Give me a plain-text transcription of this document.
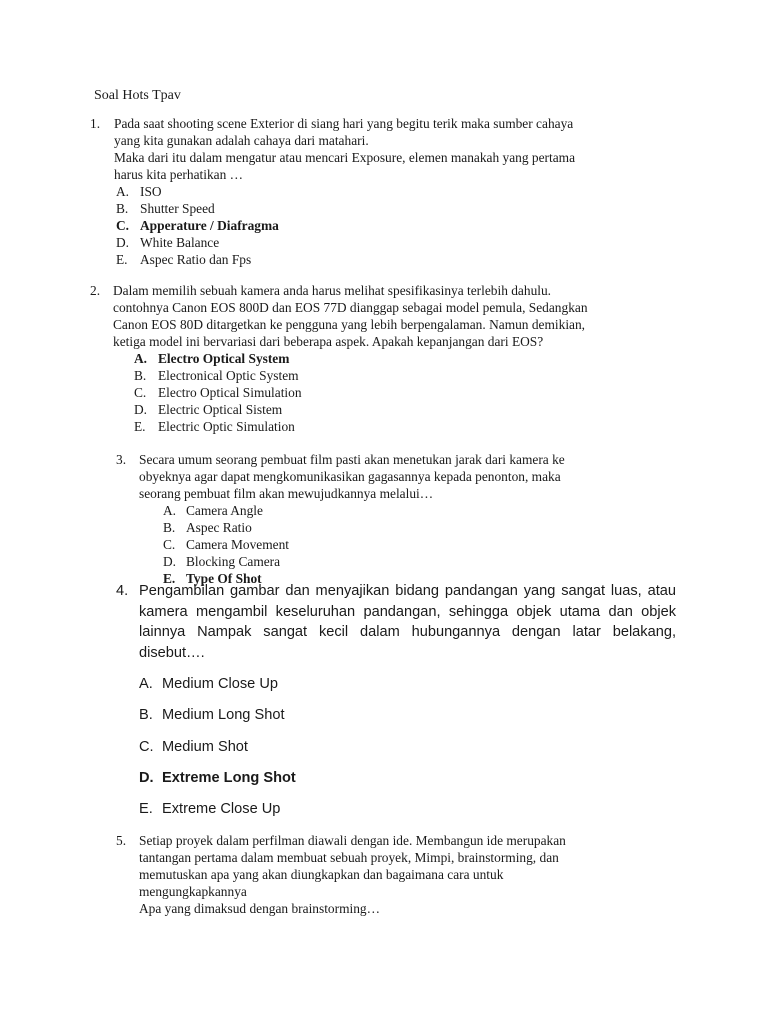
Soal Hots Tpav
1. Pada saat shooting scene Exterior di siang hari yang begitu terik maka sumber cahaya
yang kita gunakan adalah cahaya dari matahari.
Maka dari itu dalam mengatur atau mencari Exposure, elemen manakah yang pertama
harus kita perhatikan …
A. ISO
B. Shutter Speed
C. Apperature / Diafragma
D. White Balance
E. Aspec Ratio dan Fps
2. Dalam memilih sebuah kamera anda harus melihat spesifikasinya terlebih dahulu.
contohnya Canon EOS 800D dan EOS 77D dianggap sebagai model pemula, Sedangkan
Canon EOS 80D ditargetkan ke pengguna yang lebih berpengalaman. Namun demikian,
ketiga model ini bervariasi dari beberapa aspek. Apakah kepanjangan dari EOS?
A. Electro Optical System
B. Electronical Optic System
C. Electro Optical Simulation
D. Electric Optical Sistem
E. Electric Optic Simulation
3. Secara umum seorang pembuat film pasti akan menetukan jarak dari kamera ke
obyeknya agar dapat mengkomunikasikan gagasannya kepada penonton, maka
seorang pembuat film akan mewujudkannya melalui…
A. Camera Angle
B. Aspec Ratio
C. Camera Movement
D. Blocking Camera
E. Type Of Shot
4. Pengambilan gambar dan menyajikan bidang pandangan yang sangat luas, atau kamera mengambil keseluruhan pandangan, sehingga objek utama dan objek lainnya Nampak sangat kecil dalam hubungannya dengan latar belakang, disebut….
A. Medium Close Up
B. Medium Long Shot
C. Medium Shot
D. Extreme Long Shot
E. Extreme Close Up
5. Setiap proyek dalam perfilman diawali dengan ide. Membangun ide merupakan
tantangan pertama dalam membuat sebuah proyek, Mimpi, brainstorming, dan
memutuskan apa yang akan diungkapkan dan bagaimana cara untuk
mengungkapkannya
Apa yang dimaksud dengan brainstorming…
